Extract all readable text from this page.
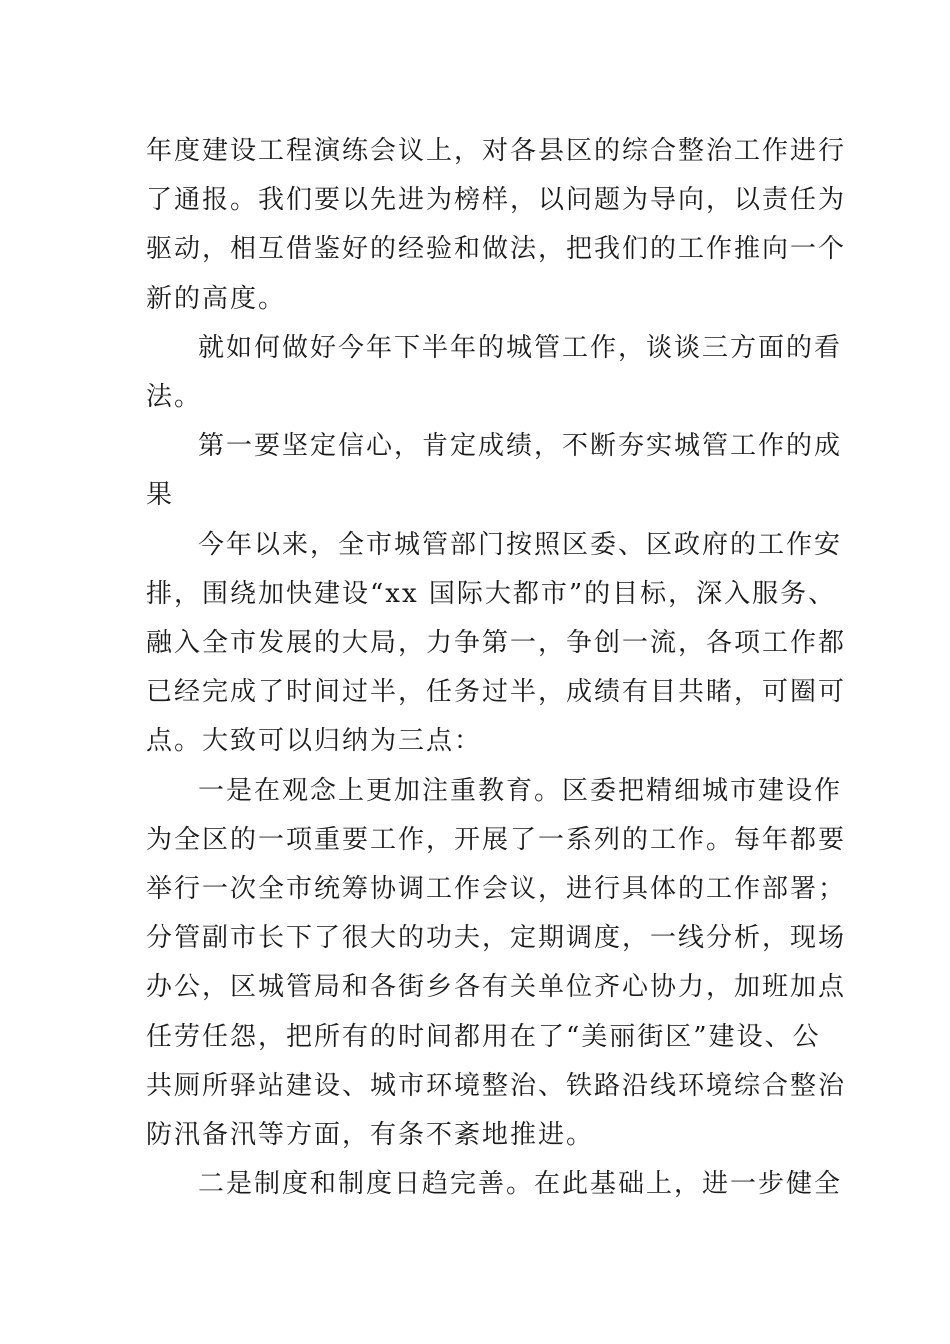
年度建设工程演练会议上，对各县区的综合整治工作进行
了通报。我们要以先进为榜样，以问题为导向，以责任为
驱动，相互借鉴好的经验和做法，把我们的工作推向一个
新的高度。
就如何做好今年下半年的城管工作，谈谈三方面的看
法。
第一要坚定信心，肯定成绩，不断夯实城管工作的成
果
今年以来，全市城管部门按照区委、区政府的工作安
排，围绕加快建设“xx 国际大都市”的目标，深入服务、
融入全市发展的大局，力争第一，争创一流，各项工作都
已经完成了时间过半，任务过半，成绩有目共睹，可圈可
点。大致可以归纳为三点：
一是在观念上更加注重教育。区委把精细城市建设作
为全区的一项重要工作，开展了一系列的工作。每年都要
举行一次全市统筹协调工作会议，进行具体的工作部署；
分管副市长下了很大的功夫，定期调度，一线分析，现场
办公，区城管局和各街乡各有关单位齐心协力，加班加点
任劳任怨，把所有的时间都用在了“美丽街区”建设、公
共厕所驿站建设、城市环境整治、铁路沿线环境综合整治
防汛备汛等方面，有条不紊地推进。
二是制度和制度日趋完善。在此基础上，进一步健全
